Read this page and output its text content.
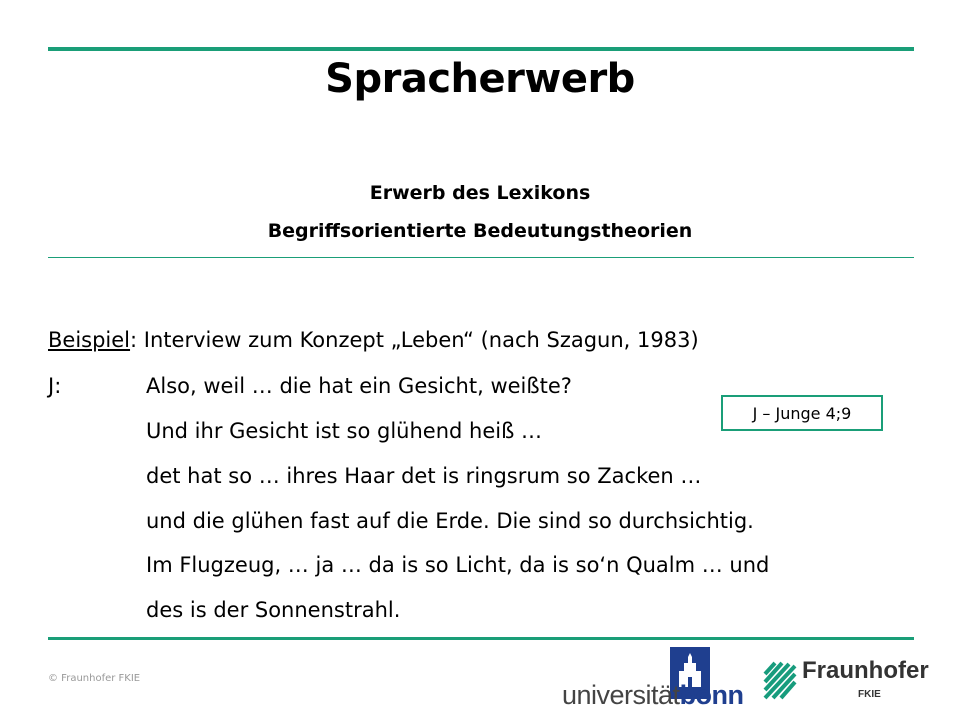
Spracherwerb
Erwerb des Lexikons
Begriffsorientierte Bedeutungstheorien
Beispiel: Interview zum Konzept „Leben“ (nach Szagun, 1983)
J:	Also, weil … die hat ein Gesicht, weißte?
Und ihr Gesicht ist so glühend heiß …
det hat so … ihres Haar det is ringsrum so Zacken …
und die glühen fast auf die Erde. Die sind so durchsichtig.
Im Flugzeug, … ja … da is so Licht, da is so‘n Qualm … und
des is der Sonnenstrahl.
J – Junge 4;9
© Fraunhofer FKIE
universitätbonn
Fraunhofer
FKIE
